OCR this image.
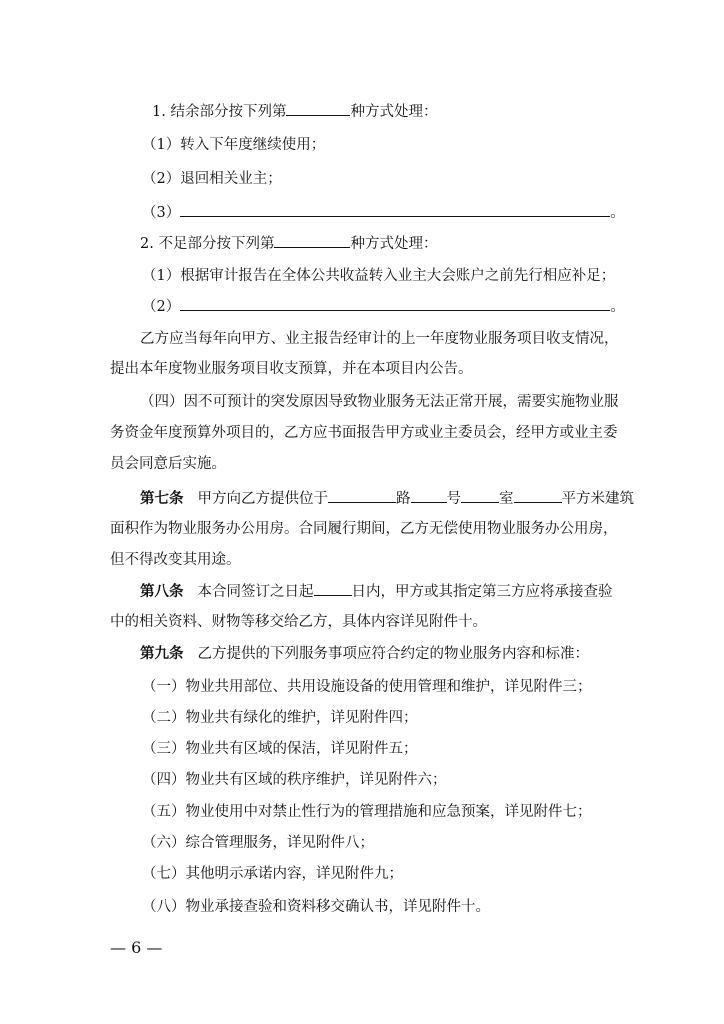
1. 结余部分按下列第	种方式处理：
（1）转入下年度继续使用；
（2）退回相关业主；
（3）	。
2. 不足部分按下列第	种方式处理：
（1）根据审计报告在全体公共收益转入业主大会账户之前先行相应补足；
（2）	。
乙方应当每年向甲方、业主报告经审计的上一年度物业服务项目收支情况，
提出本年度物业服务项目收支预算，并在本项目内公告。
（四）因不可预计的突发原因导致物业服务无法正常开展，需要实施物业服
务资金年度预算外项目的，乙方应书面报告甲方或业主委员会，经甲方或业主委
员会同意后实施。
第七条 甲方向乙方提供位于	路 号	室	平方米建筑
面积作为物业服务办公用房。合同履行期间，乙方无偿使用物业服务办公用房，
但不得改变其用途。
第八条 本合同签订之日起	日内，甲方或其指定第三方应将承接查验
中的相关资料、财物等移交给乙方，具体内容详见附件十。
第九条 乙方提供的下列服务事项应符合约定的物业服务内容和标准：
（一）物业共用部位、共用设施设备的使用管理和维护，详见附件三；
（二）物业共有绿化的维护，详见附件四；
（三）物业共有区域的保洁，详见附件五；
（四）物业共有区域的秩序维护，详见附件六；
（五）物业使用中对禁止性行为的管理措施和应急预案，详见附件七；
（六）综合管理服务，详见附件八；
（七）其他明示承诺内容，详见附件九；
（八）物业承接查验和资料移交确认书，详见附件十。
— 6 —
